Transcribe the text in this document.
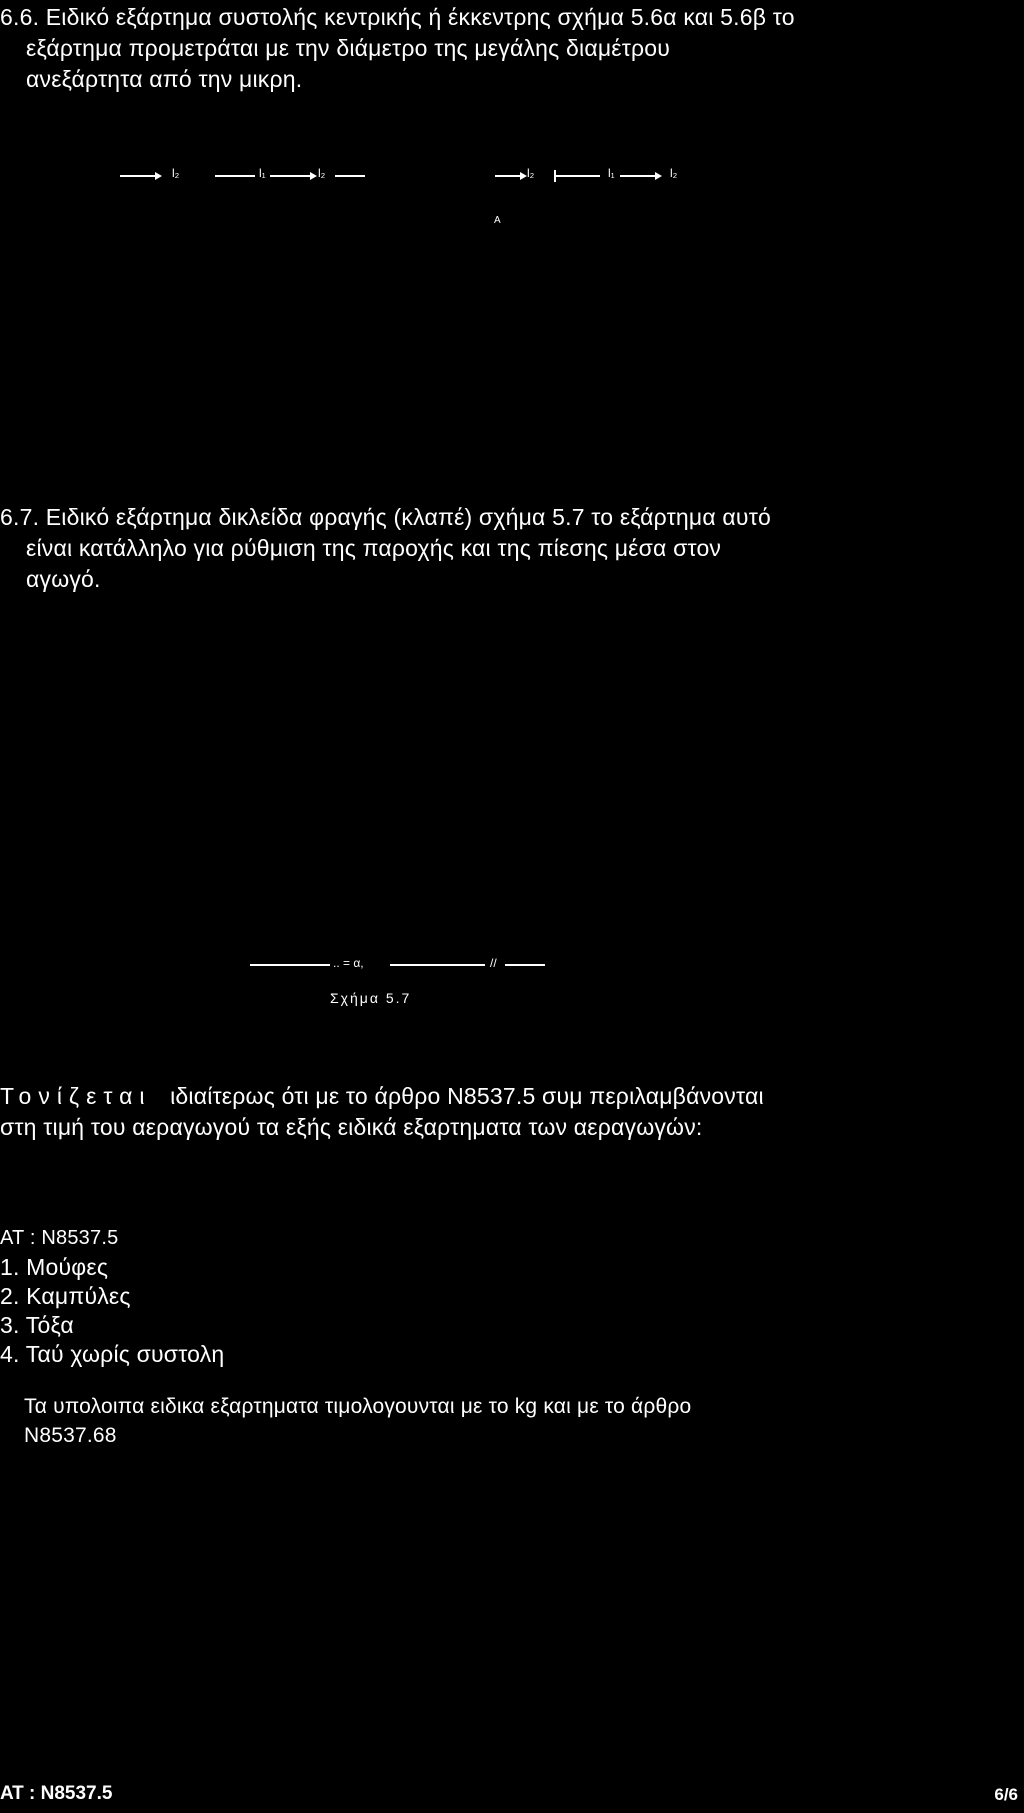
6.6. Ειδικό εξάρτημα συστολής κεντρικής ή έκκεντρης σχήμα 5.6α και 5.6β το
εξάρτημα προμετράται με την διάμετρο της μεγάλης διαμέτρου
ανεξάρτητα από την μικρη.
l₂	l₁	l₂	l₂	l₁	l₂
A
6.7. Ειδικό εξάρτημα δικλείδα φραγής (κλαπέ) σχήμα 5.7 το εξάρτημα αυτό
είναι κατάλληλο για ρύθμιση της παροχής και της πίεσης μέσα στον
αγωγό.
.. = α,	//
Σχήμα 5.7
Τονίζεται ιδιαίτερως ότι με το άρθρο Ν8537.5 συμ περιλαμβάνονται
στη τιμή του αεραγωγού τα εξής ειδικά εξαρτηματα των αεραγωγών:
ΑΤ : Ν8537.5
1. Μούφες
2. Καμπύλες
3. Τόξα
4. Ταύ χωρίς συστολη
Τα υπολοιπα ειδικα εξαρτηματα τιμολογουνται με το kg και με το άρθρο
Ν8537.68
ΑΤ : Ν8537.5	6/6
